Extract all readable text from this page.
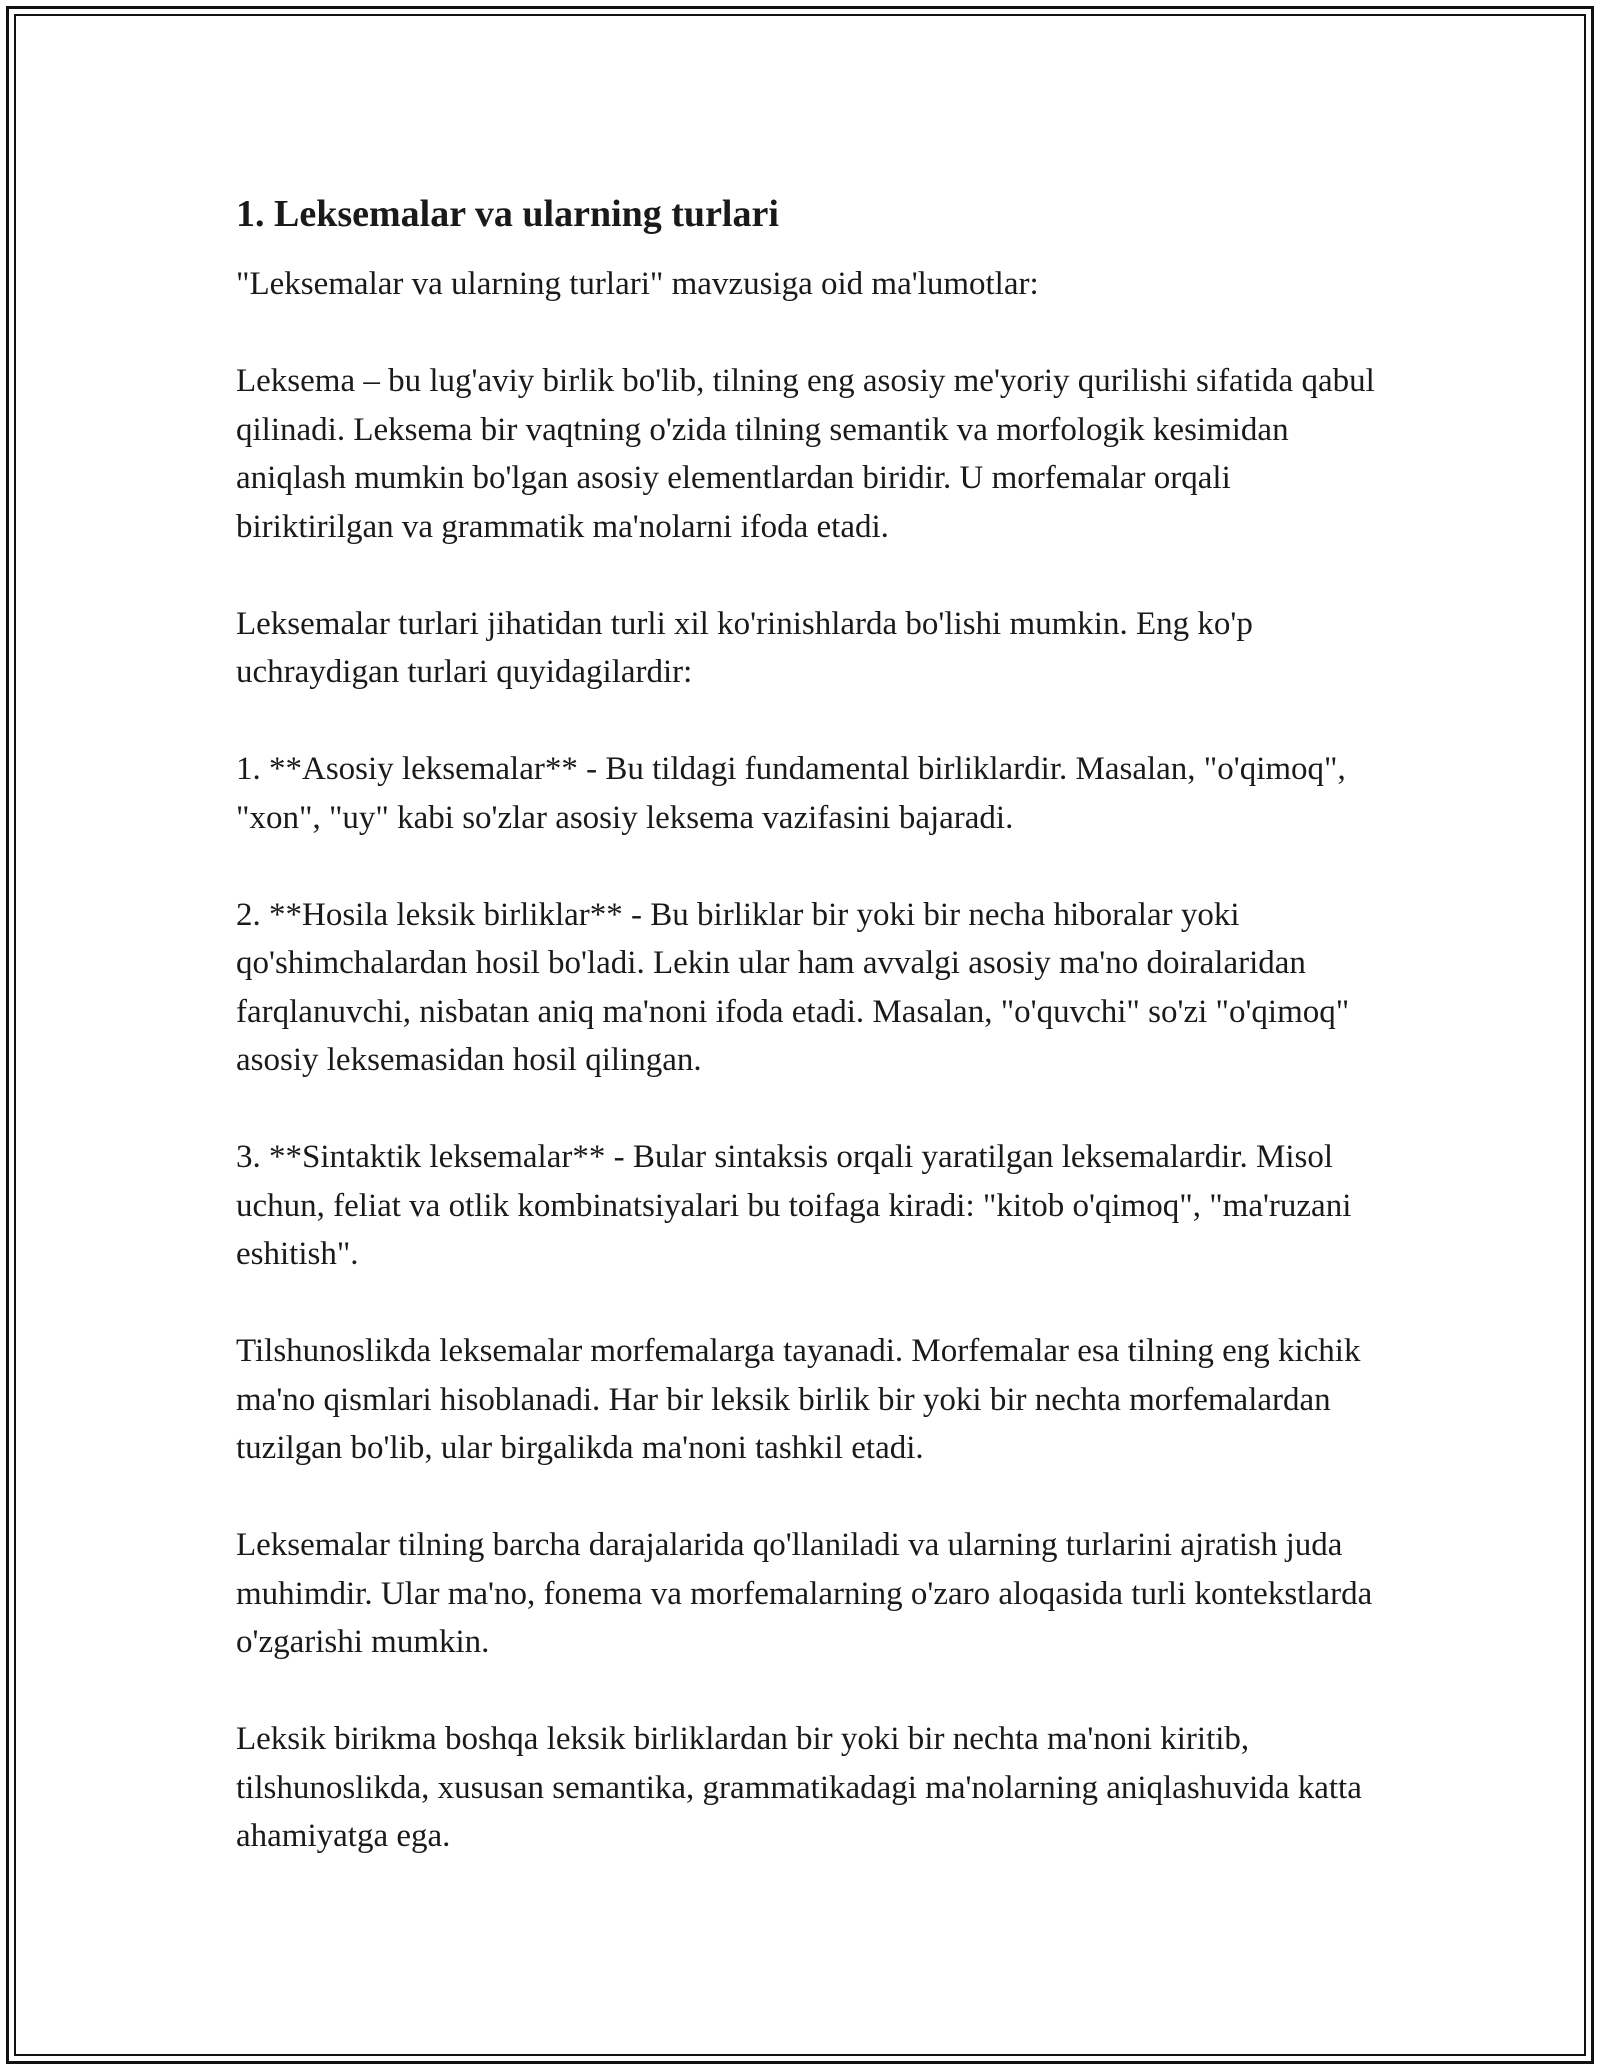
1. Leksemalar va ularning turlari

"Leksemalar va ularning turlari" mavzusiga oid ma'lumotlar:

Leksema – bu lug'aviy birlik bo'lib, tilning eng asosiy me'yoriy qurilishi sifatida qabul qilinadi. Leksema bir vaqtning o'zida tilning semantik va morfologik kesimidan aniqlash mumkin bo'lgan asosiy elementlardan biridir. U morfemalar orqali biriktirilgan va grammatik ma'nolarni ifoda etadi.

Leksemalar turlari jihatidan turli xil ko'rinishlarda bo'lishi mumkin. Eng ko'p uchraydigan turlari quyidagilardir:

1. **Asosiy leksemalar** - Bu tildagi fundamental birliklardir. Masalan, "o'qimoq", "xon", "uy" kabi so'zlar asosiy leksema vazifasini bajaradi.

2. **Hosila leksik birliklar** - Bu birliklar bir yoki bir necha hiboralar yoki qo'shimchalardan hosil bo'ladi. Lekin ular ham avvalgi asosiy ma'no doiralaridan farqlanuvchi, nisbatan aniq ma'noni ifoda etadi. Masalan, "o'quvchi" so'zi "o'qimoq" asosiy leksemasidan hosil qilingan.

3. **Sintaktik leksemalar** - Bular sintaksis orqali yaratilgan leksemalardir. Misol uchun, feliat va otlik kombinatsiyalari bu toifaga kiradi: "kitob o'qimoq", "ma'ruzani eshitish".

Tilshunoslikda leksemalar morfemalarga tayanadi. Morfemalar esa tilning eng kichik ma'no qismlari hisoblanadi. Har bir leksik birlik bir yoki bir nechta morfemalardan tuzilgan bo'lib, ular birgalikda ma'noni tashkil etadi.

Leksemalar tilning barcha darajalarida qo'llaniladi va ularning turlarini ajratish juda muhimdir. Ular ma'no, fonema va morfemalarning o'zaro aloqasida turli kontekstlarda o'zgarishi mumkin.

Leksik birikma boshqa leksik birliklardan bir yoki bir nechta ma'noni kiritib, tilshunoslikda, xususan semantika, grammatikadagi ma'nolarning aniqlashuvida katta ahamiyatga ega.
